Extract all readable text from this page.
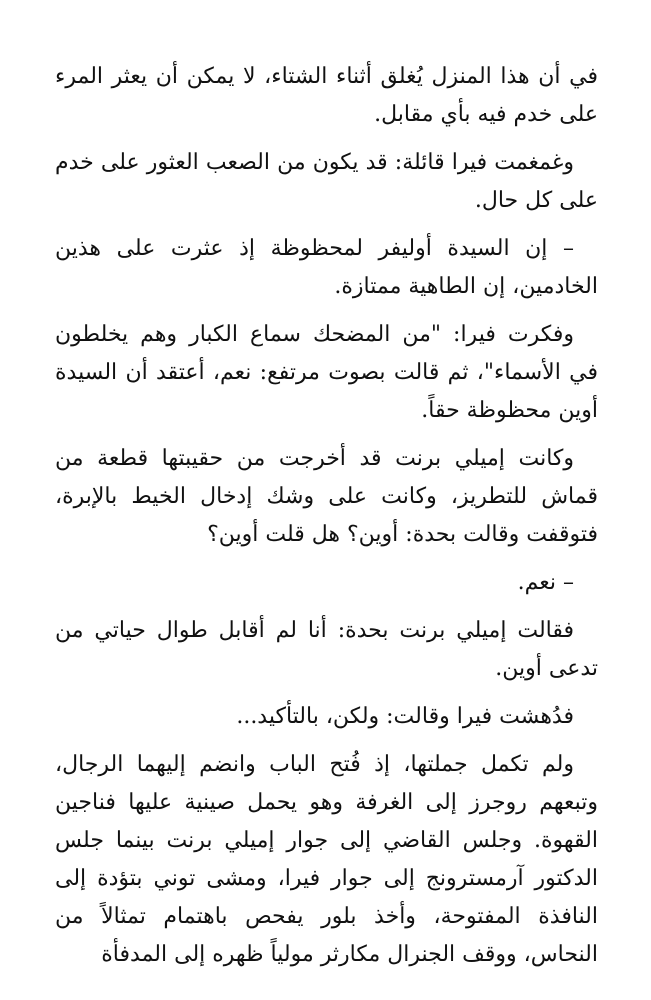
في أن هذا المنزل يُغلق أثناء الشتاء، لا يمكن أن يعثر المرء على خدم فيه بأي مقابل.

وغمغمت فيرا قائلة: قد يكون من الصعب العثور على خدم على كل حال.

– إن السيدة أوليفر لمحظوظة إذ عثرت على هذين الخادمين، إن الطاهية ممتازة.

وفكرت فيرا: "من المضحك سماع الكبار وهم يخلطون في الأسماء"، ثم قالت بصوت مرتفع: نعم، أعتقد أن السيدة أوين محظوظة حقاً.

وكانت إميلي برنت قد أخرجت من حقيبتها قطعة من قماش للتطريز، وكانت على وشك إدخال الخيط بالإبرة، فتوقفت وقالت بحدة: أوين؟ هل قلت أوين؟

– نعم.

فقالت إميلي برنت بحدة: أنا لم أقابل طوال حياتي من تدعى أوين.

فدُهشت فيرا وقالت: ولكن، بالتأكيد...

ولم تكمل جملتها، إذ فُتح الباب وانضم إليهما الرجال، وتبعهم روجرز إلى الغرفة وهو يحمل صينية عليها فناجين القهوة. وجلس القاضي إلى جوار إميلي برنت بينما جلس الدكتور آرمسترونج إلى جوار فيرا، ومشى توني بتؤدة إلى النافذة المفتوحة، وأخذ بلور يفحص باهتمام تمثالاً من النحاس، ووقف الجنرال مكارثر مولياً ظهره إلى المدفأة
